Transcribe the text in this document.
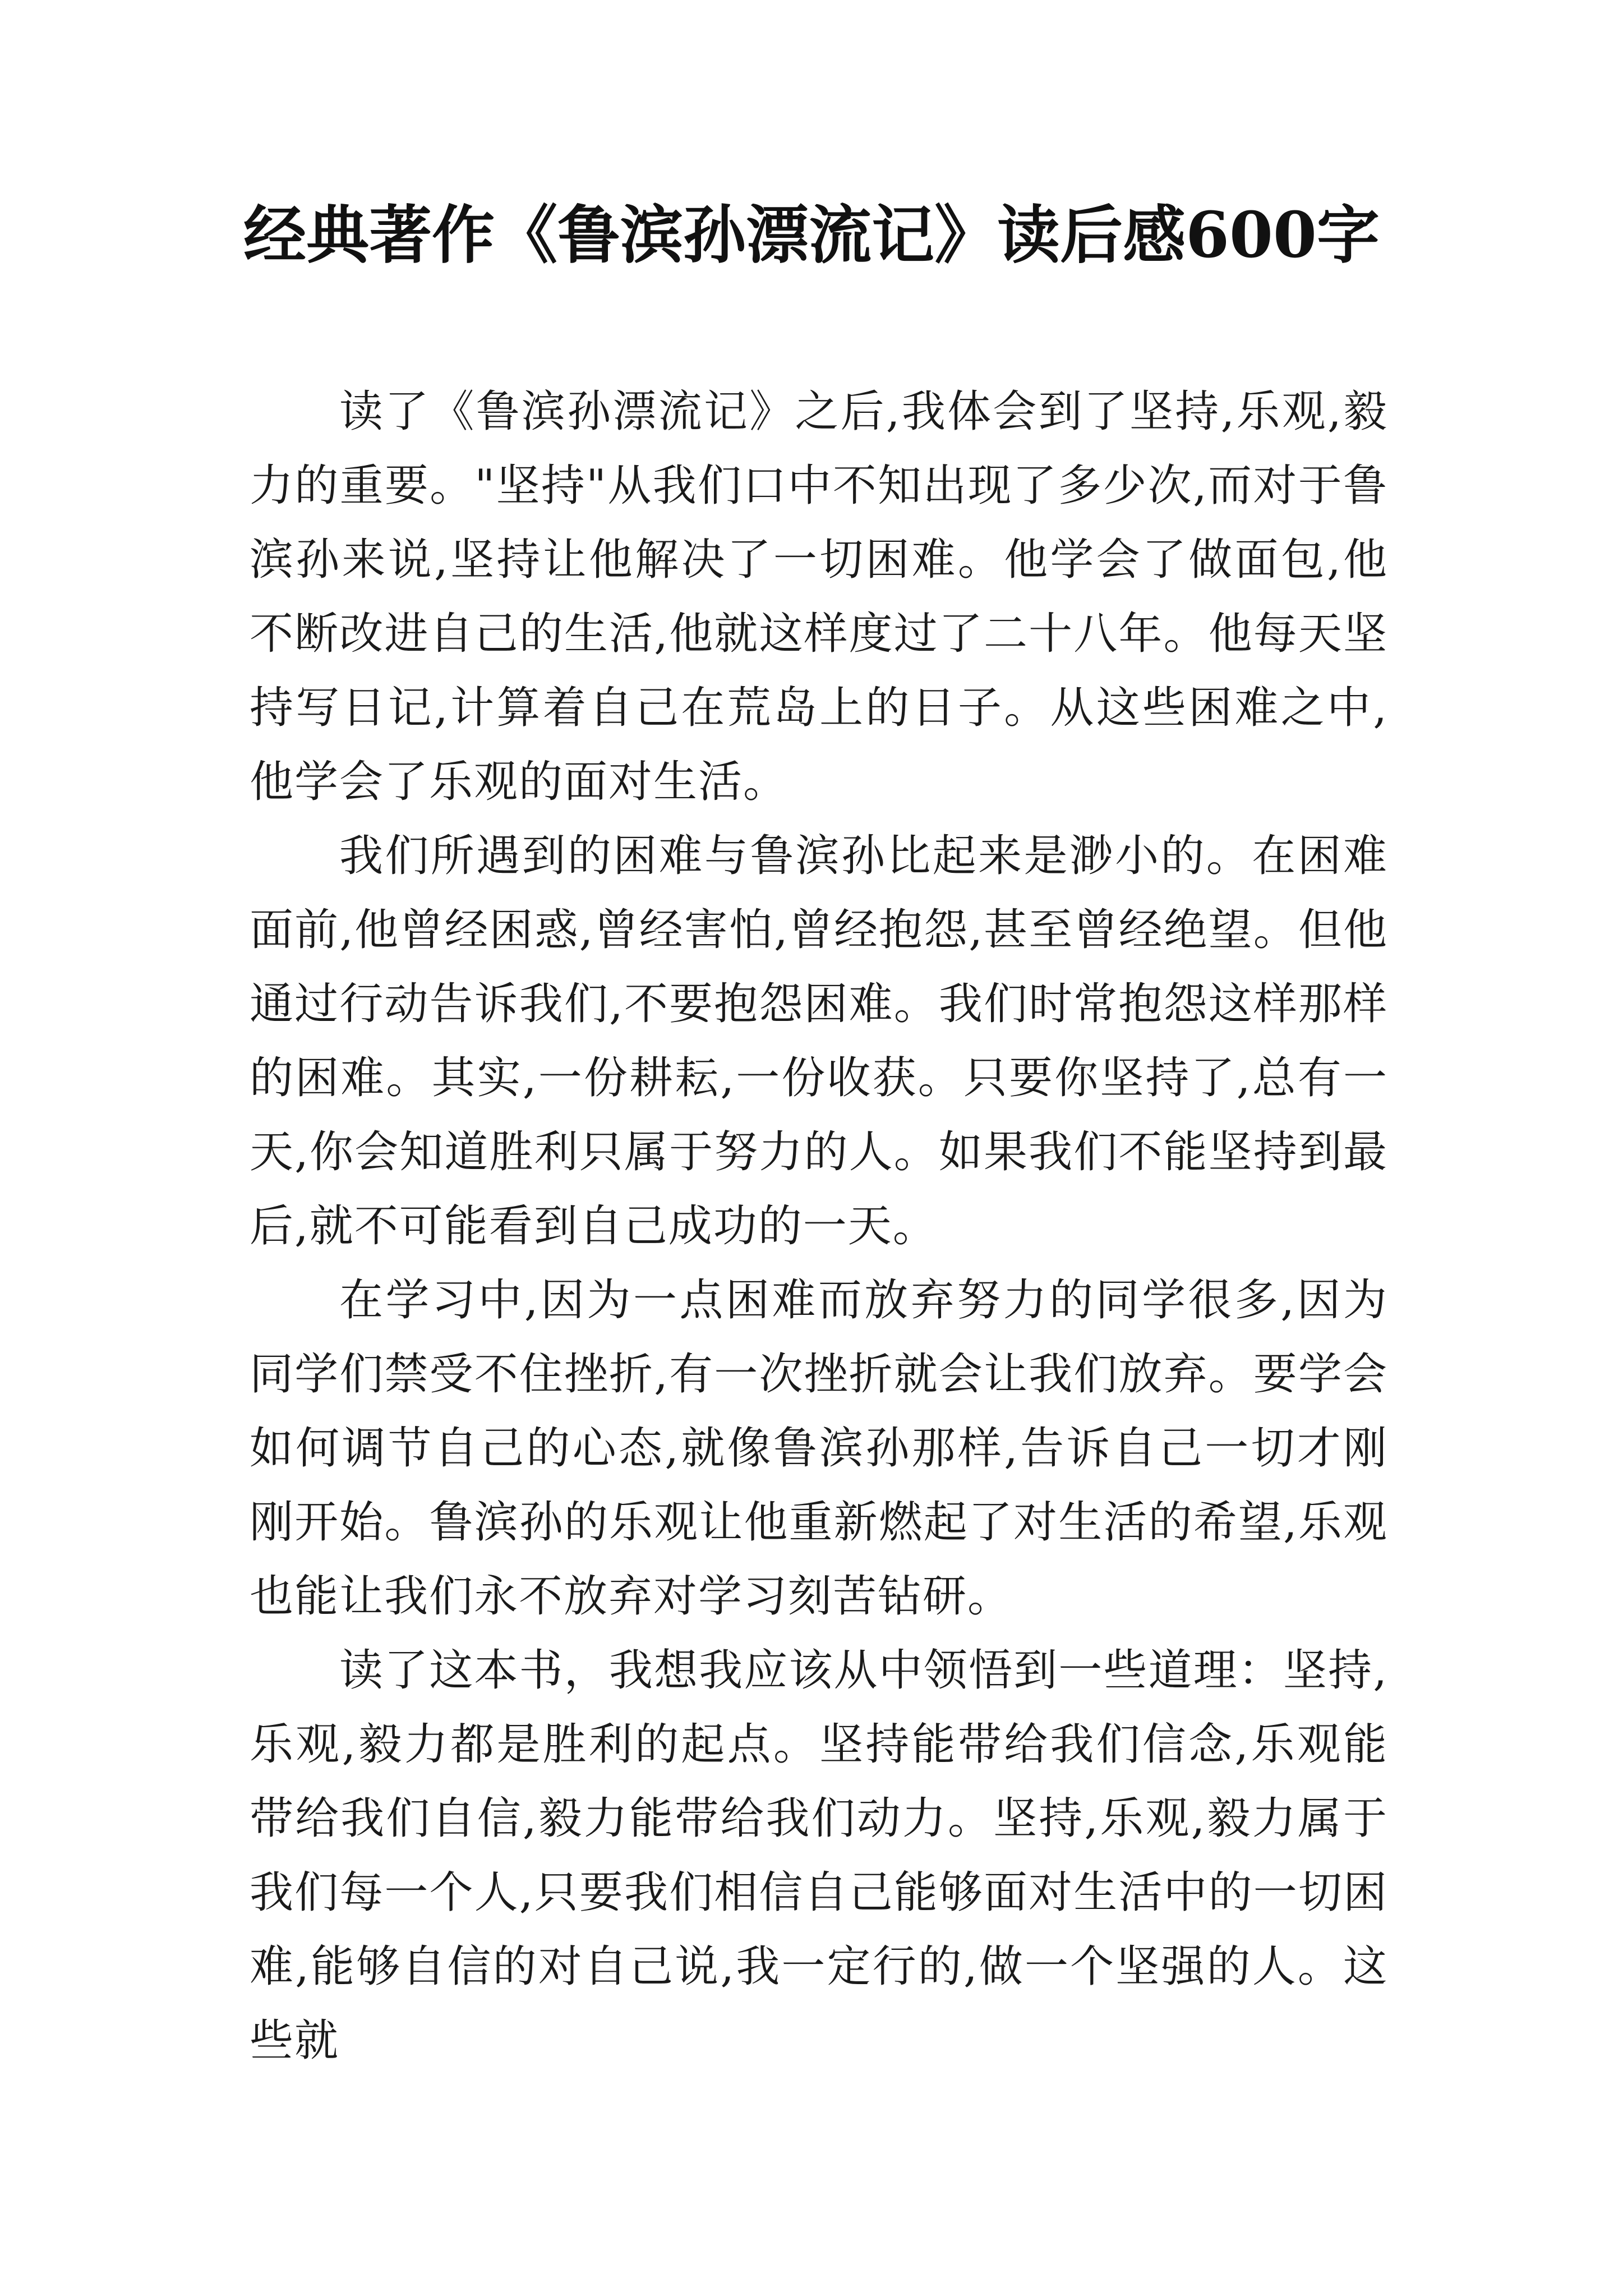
经典著作《鲁滨孙漂流记》读后感600字

读了《鲁滨孙漂流记》之后,我体会到了坚持,乐观,毅力的重要。"坚持"从我们口中不知出现了多少次,而对于鲁滨孙来说,坚持让他解决了一切困难。他学会了做面包,他不断改进自己的生活,他就这样度过了二十八年。他每天坚持写日记,计算着自己在荒岛上的日子。从这些困难之中,他学会了乐观的面对生活。

我们所遇到的困难与鲁滨孙比起来是渺小的。在困难面前,他曾经困惑,曾经害怕,曾经抱怨,甚至曾经绝望。但他通过行动告诉我们,不要抱怨困难。我们时常抱怨这样那样的困难。其实,一份耕耘,一份收获。只要你坚持了,总有一天,你会知道胜利只属于努力的人。如果我们不能坚持到最后,就不可能看到自己成功的一天。

在学习中,因为一点困难而放弃努力的同学很多,因为同学们禁受不住挫折,有一次挫折就会让我们放弃。要学会如何调节自己的心态,就像鲁滨孙那样,告诉自己一切才刚刚开始。鲁滨孙的乐观让他重新燃起了对生活的希望,乐观也能让我们永不放弃对学习刻苦钻研。

读了这本书，我想我应该从中领悟到一些道理：坚持,乐观,毅力都是胜利的起点。坚持能带给我们信念,乐观能带给我们自信,毅力能带给我们动力。坚持,乐观,毅力属于我们每一个人,只要我们相信自己能够面对生活中的一切困难,能够自信的对自己说,我一定行的,做一个坚强的人。这些就
